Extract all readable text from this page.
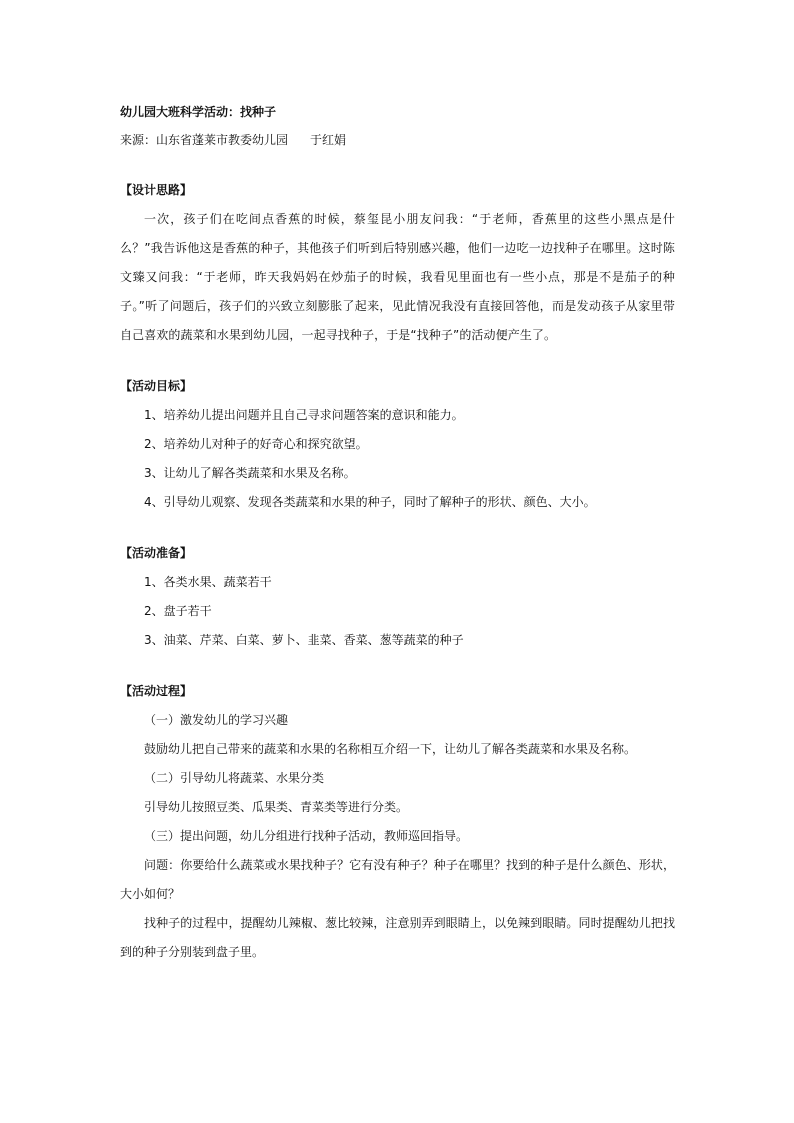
幼儿园大班科学活动：找种子

来源：山东省蓬莱市教委幼儿园 于红娟

【设计思路】

一次，孩子们在吃间点香蕉的时候，蔡玺昆小朋友问我：“于老师，香蕉里的这些小黑点是什么？”我告诉他这是香蕉的种子，其他孩子们听到后特别感兴趣，他们一边吃一边找种子在哪里。这时陈文臻又问我：“于老师，昨天我妈妈在炒茄子的时候，我看见里面也有一些小点，那是不是茄子的种子。”听了问题后，孩子们的兴致立刻膨胀了起来，见此情况我没有直接回答他，而是发动孩子从家里带自己喜欢的蔬菜和水果到幼儿园，一起寻找种子，于是“找种子”的活动便产生了。

【活动目标】

1、培养幼儿提出问题并且自己寻求问题答案的意识和能力。

2、培养幼儿对种子的好奇心和探究欲望。

3、让幼儿了解各类蔬菜和水果及名称。

4、引导幼儿观察、发现各类蔬菜和水果的种子，同时了解种子的形状、颜色、大小。

【活动准备】

1、各类水果、蔬菜若干

2、盘子若干

3、油菜、芹菜、白菜、萝卜、韭菜、香菜、葱等蔬菜的种子

【活动过程】

（一）激发幼儿的学习兴趣

鼓励幼儿把自己带来的蔬菜和水果的名称相互介绍一下，让幼儿了解各类蔬菜和水果及名称。

（二）引导幼儿将蔬菜、水果分类

引导幼儿按照豆类、瓜果类、青菜类等进行分类。

（三）提出问题，幼儿分组进行找种子活动，教师巡回指导。

问题：你要给什么蔬菜或水果找种子？它有没有种子？种子在哪里？找到的种子是什么颜色、形状，大小如何？

找种子的过程中，提醒幼儿辣椒、葱比较辣，注意别弄到眼睛上，以免辣到眼睛。同时提醒幼儿把找到的种子分别装到盘子里。
